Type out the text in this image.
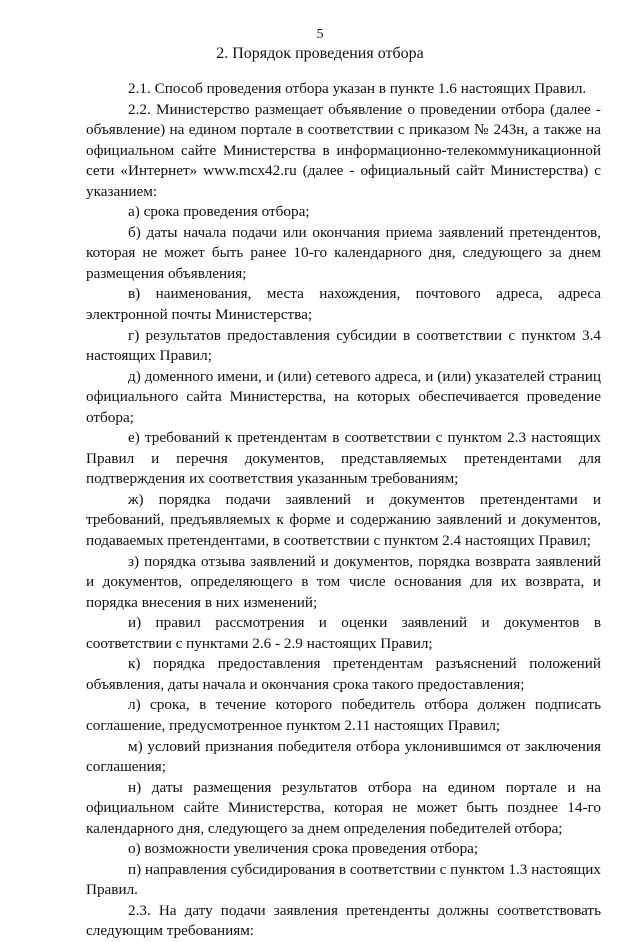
5
2. Порядок проведения отбора

2.1. Способ проведения отбора указан в пункте 1.6 настоящих Правил.

2.2. Министерство размещает объявление о проведении отбора (далее - объявление) на едином портале в соответствии с приказом № 243н, а также на официальном сайте Министерства в информационно-телекоммуникационной сети «Интернет» www.mcx42.ru (далее - официальный сайт Министерства) с указанием:

а) срока проведения отбора;

б) даты начала подачи или окончания приема заявлений претендентов, которая не может быть ранее 10-го календарного дня, следующего за днем размещения объявления;

в) наименования, места нахождения, почтового адреса, адреса электронной почты Министерства;

г) результатов предоставления субсидии в соответствии с пунктом 3.4 настоящих Правил;

д) доменного имени, и (или) сетевого адреса, и (или) указателей страниц официального сайта Министерства, на которых обеспечивается проведение отбора;

е) требований к претендентам в соответствии с пунктом 2.3 настоящих Правил и перечня документов, представляемых претендентами для подтверждения их соответствия указанным требованиям;

ж) порядка подачи заявлений и документов претендентами и требований, предъявляемых к форме и содержанию заявлений и документов, подаваемых претендентами, в соответствии с пунктом 2.4 настоящих Правил;

з) порядка отзыва заявлений и документов, порядка возврата заявлений и документов, определяющего в том числе основания для их возврата, и порядка внесения в них изменений;

и) правил рассмотрения и оценки заявлений и документов в соответствии с пунктами 2.6 - 2.9 настоящих Правил;

к) порядка предоставления претендентам разъяснений положений объявления, даты начала и окончания срока такого предоставления;

л) срока, в течение которого победитель отбора должен подписать соглашение, предусмотренное пунктом 2.11 настоящих Правил;

м) условий признания победителя отбора уклонившимся от заключения соглашения;

н) даты размещения результатов отбора на едином портале и на официальном сайте Министерства, которая не может быть позднее 14-го календарного дня, следующего за днем определения победителей отбора;

о) возможности увеличения срока проведения отбора;

п) направления субсидирования в соответствии с пунктом 1.3 настоящих Правил.

2.3. На дату подачи заявления претенденты должны соответствовать следующим требованиям:
